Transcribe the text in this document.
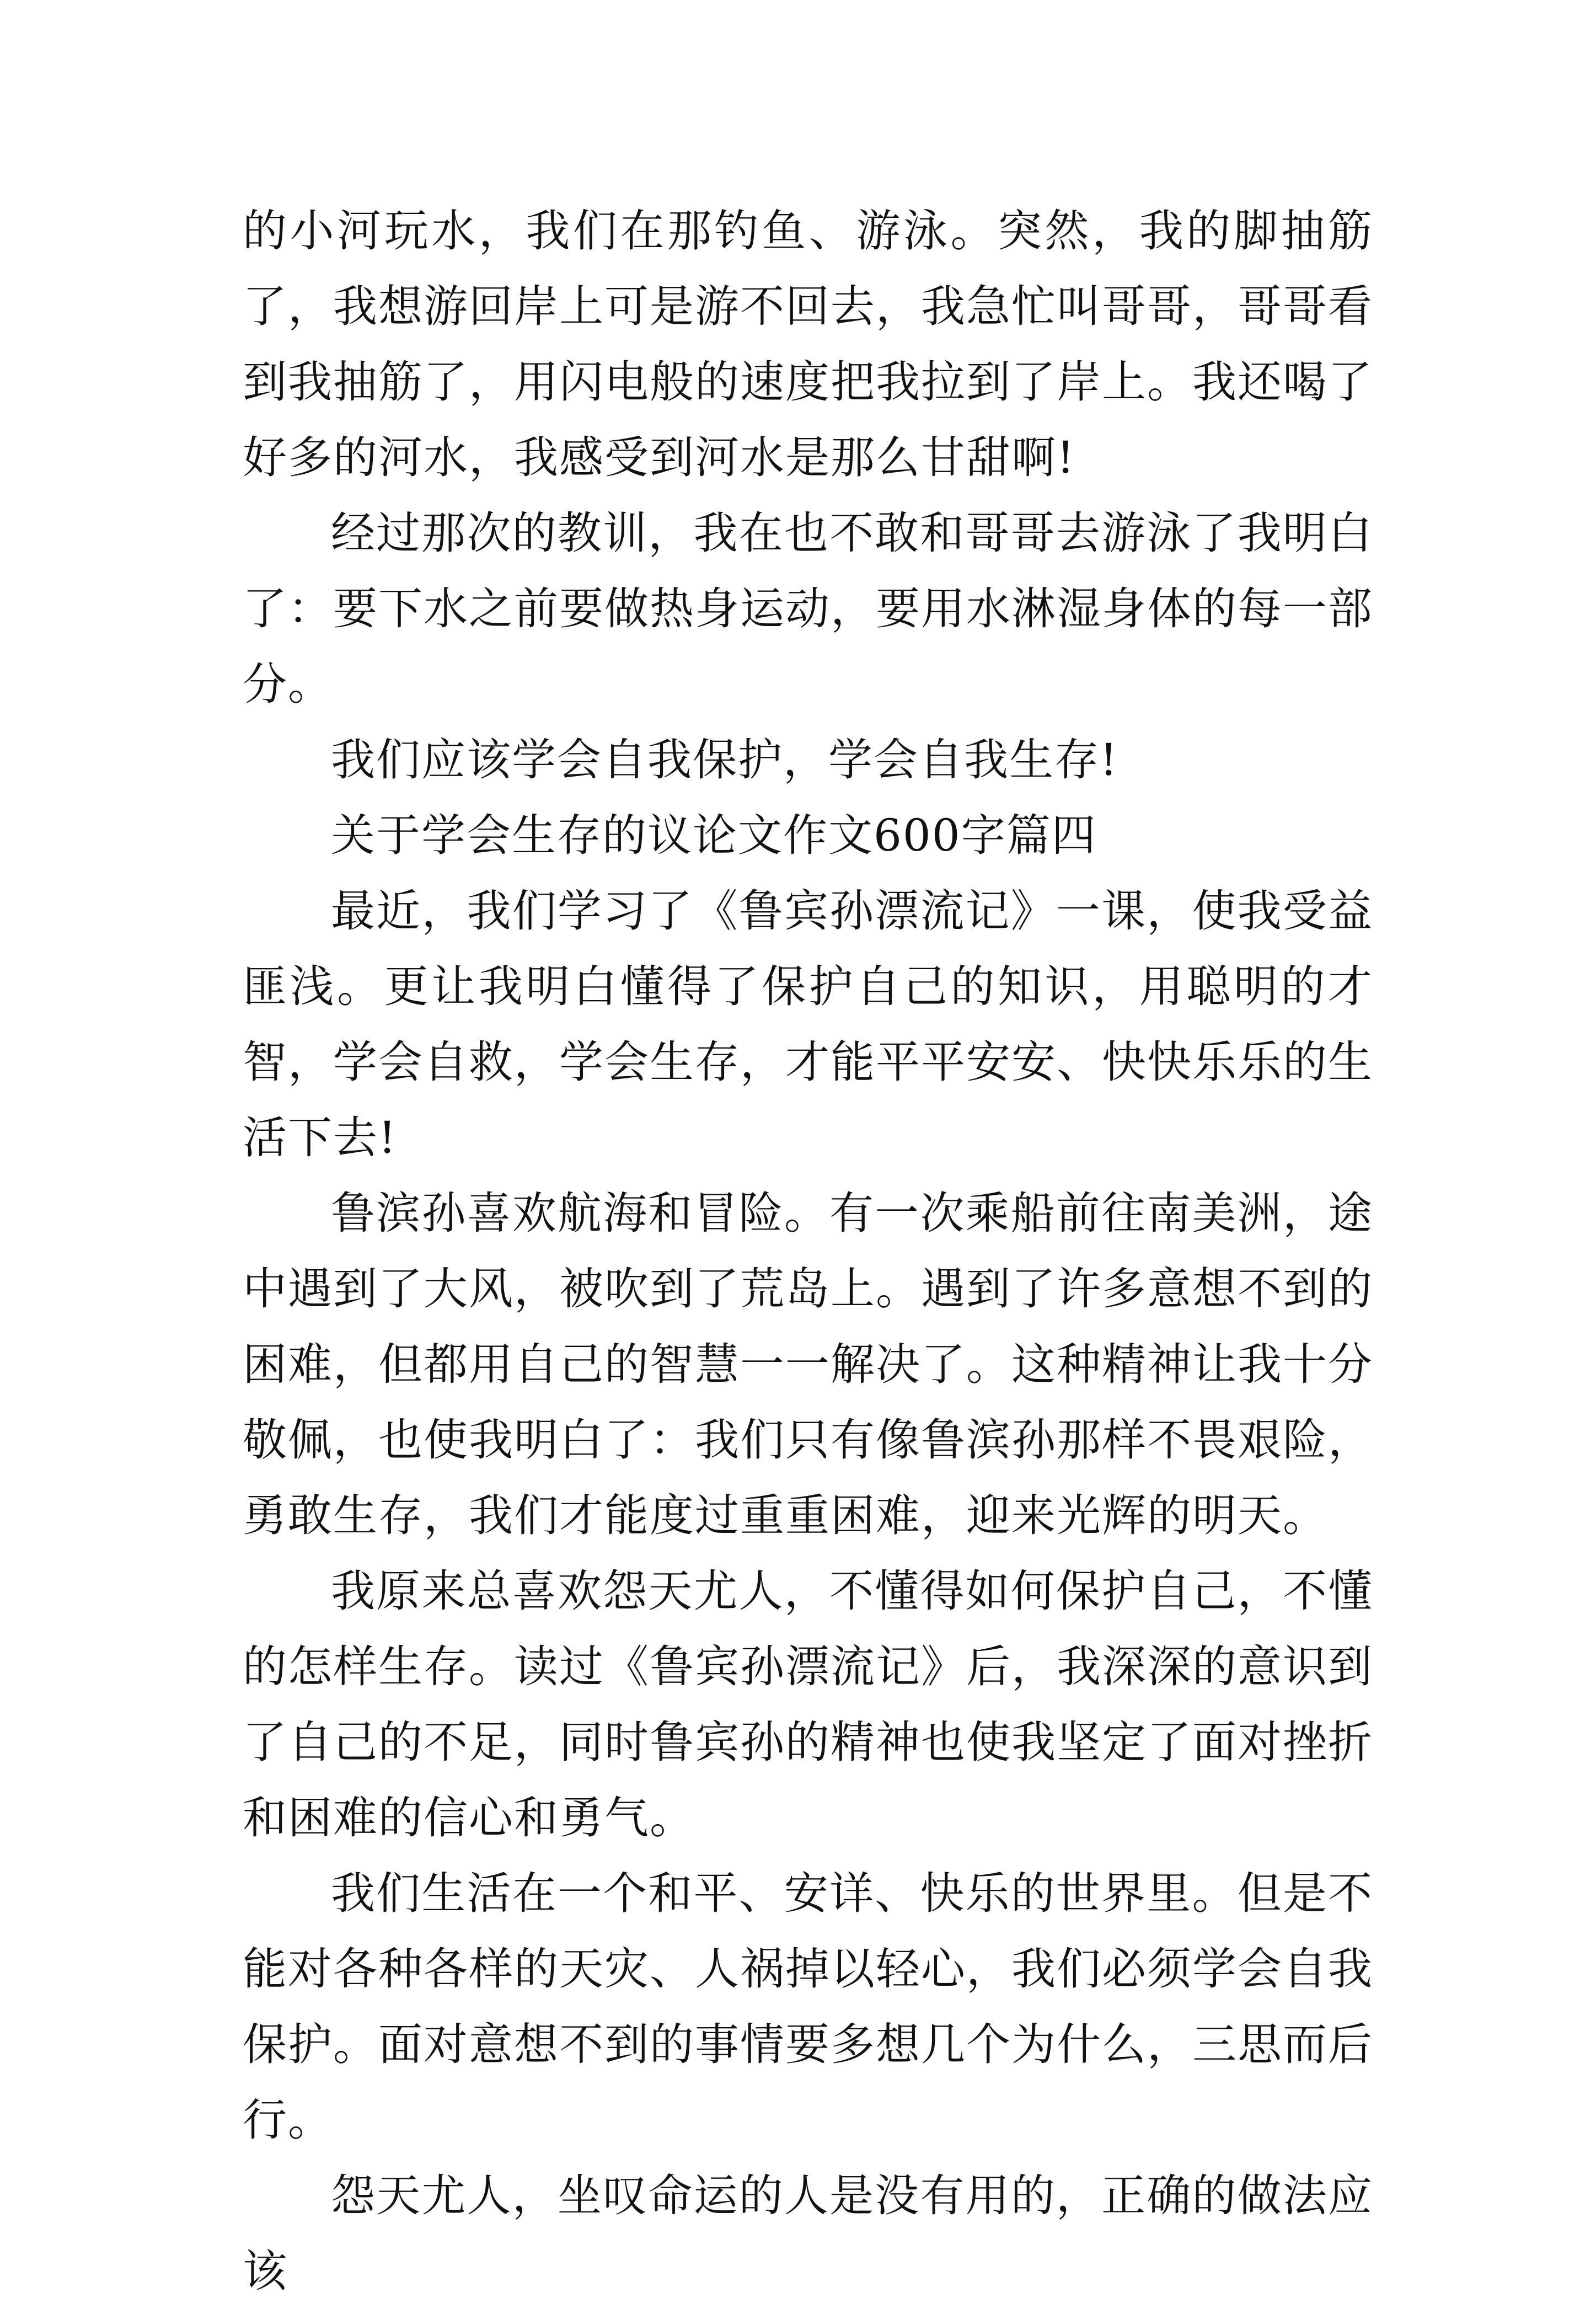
的小河玩水，我们在那钓鱼、游泳。突然，我的脚抽筋了，我想游回岸上可是游不回去，我急忙叫哥哥，哥哥看到我抽筋了，用闪电般的速度把我拉到了岸上。我还喝了好多的河水，我感受到河水是那么甘甜啊!

经过那次的教训，我在也不敢和哥哥去游泳了我明白了：要下水之前要做热身运动，要用水淋湿身体的每一部分。

我们应该学会自我保护，学会自我生存!

关于学会生存的议论文作文600字篇四

最近，我们学习了《鲁宾孙漂流记》一课，使我受益匪浅。更让我明白懂得了保护自己的知识，用聪明的才智，学会自救，学会生存，才能平平安安、快快乐乐的生活下去!

鲁滨孙喜欢航海和冒险。有一次乘船前往南美洲，途中遇到了大风，被吹到了荒岛上。遇到了许多意想不到的困难，但都用自己的智慧一一解决了。这种精神让我十分敬佩，也使我明白了：我们只有像鲁滨孙那样不畏艰险，勇敢生存，我们才能度过重重困难，迎来光辉的明天。

我原来总喜欢怨天尤人，不懂得如何保护自己，不懂的怎样生存。读过《鲁宾孙漂流记》后，我深深的意识到了自己的不足，同时鲁宾孙的精神也使我坚定了面对挫折和困难的信心和勇气。

我们生活在一个和平、安详、快乐的世界里。但是不能对各种各样的天灾、人祸掉以轻心，我们必须学会自我保护。面对意想不到的事情要多想几个为什么，三思而后行。

怨天尤人，坐叹命运的人是没有用的，正确的做法应该
